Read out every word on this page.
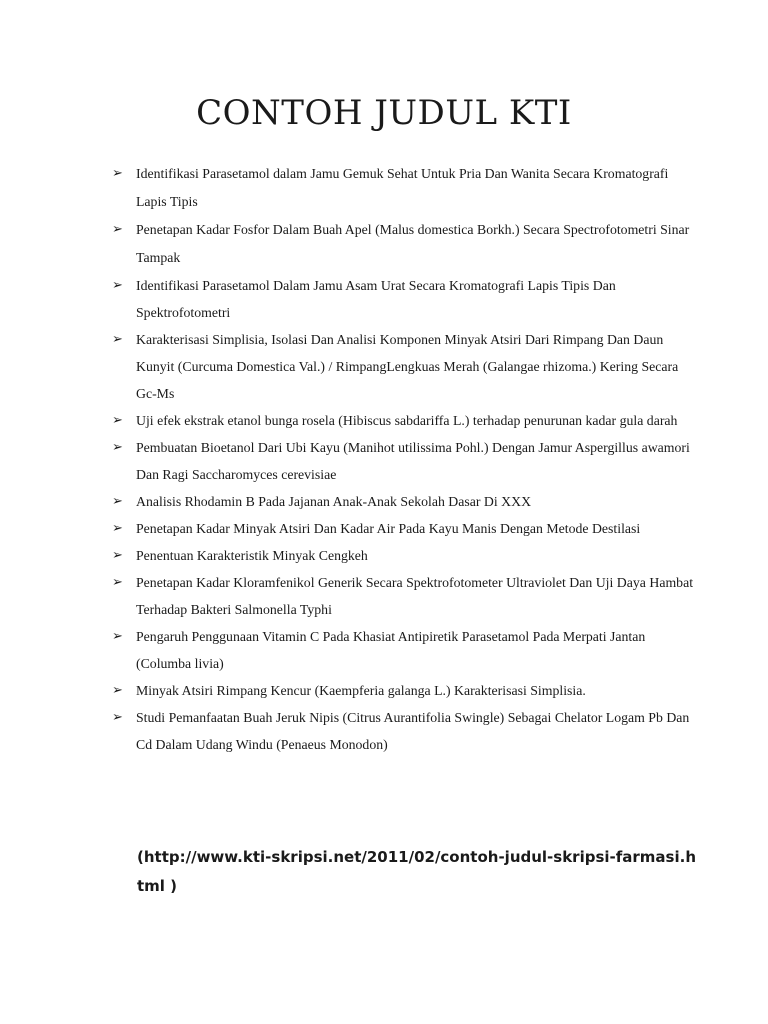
CONTOH JUDUL KTI
➢ Identifikasi Parasetamol dalam Jamu Gemuk Sehat Untuk Pria Dan Wanita Secara Kromatografi Lapis Tipis
➢ Penetapan Kadar Fosfor Dalam Buah Apel (Malus domestica Borkh.) Secara Spectrofotometri Sinar Tampak
➢ Identifikasi Parasetamol Dalam Jamu Asam Urat Secara Kromatografi Lapis Tipis Dan Spektrofotometri
➢ Karakterisasi Simplisia, Isolasi Dan Analisi Komponen Minyak Atsiri Dari Rimpang Dan Daun Kunyit (Curcuma Domestica Val.) / RimpangLengkuas Merah (Galangae rhizoma.) Kering Secara Gc-Ms
➢ Uji efek ekstrak etanol bunga rosela (Hibiscus sabdariffa L.) terhadap penurunan kadar gula darah
➢ Pembuatan Bioetanol Dari Ubi Kayu (Manihot utilissima Pohl.) Dengan Jamur Aspergillus awamori Dan Ragi Saccharomyces cerevisiae
➢ Analisis Rhodamin B Pada Jajanan Anak-Anak Sekolah Dasar Di XXX
➢ Penetapan Kadar Minyak Atsiri Dan Kadar Air Pada Kayu Manis Dengan Metode Destilasi
➢ Penentuan Karakteristik Minyak Cengkeh
➢ Penetapan Kadar Kloramfenikol Generik Secara Spektrofotometer Ultraviolet Dan Uji Daya Hambat Terhadap Bakteri Salmonella Typhi
➢ Pengaruh Penggunaan Vitamin C Pada Khasiat Antipiretik Parasetamol Pada Merpati Jantan (Columba livia)
➢ Minyak Atsiri Rimpang Kencur (Kaempferia galanga L.) Karakterisasi Simplisia.
➢ Studi Pemanfaatan Buah Jeruk Nipis (Citrus Aurantifolia Swingle) Sebagai Chelator Logam Pb Dan Cd Dalam Udang Windu (Penaeus Monodon)
(http://www.kti-skripsi.net/2011/02/contoh-judul-skripsi-farmasi.html )
